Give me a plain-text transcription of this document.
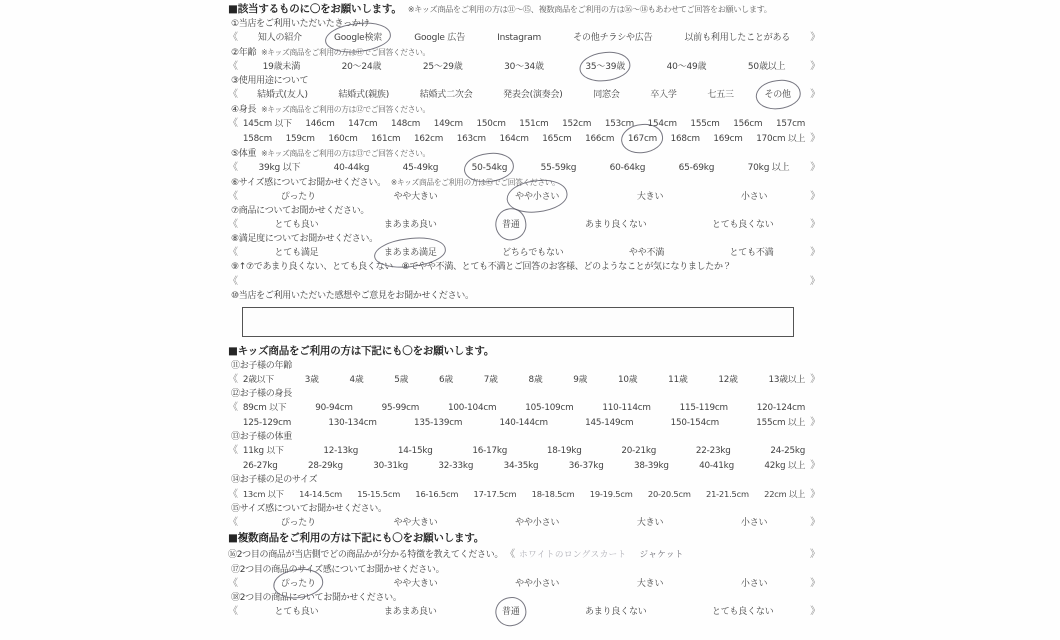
■該当するものに〇をお願いします。 ※キッズ商品をご利用の方は⑪～⑮、複数商品をご利用の方は⑯～⑱もあわせてご回答をお願いします。
①当店をご利用いただいたきっかけ
《 知人の紹介	Google検索	Google 広告	Instagram	その他チラシや広告	以前も利用したことがある 》
②年齢 ※キッズ商品をご利用の方は⑪でご回答ください。
《	19歳未満	20～24歳	25～29歳	30～34歳	35～39歳	40～49歳	50歳以上 》
③使用用途について
《 結婚式(友人)	結婚式(親族)	結婚式二次会	発表会(演奏会)	同窓会	卒入学	七五三	その他 》
④身長 ※キッズ商品をご利用の方は⑫でご回答ください。
《 145cm 以下 146cm 147cm 148cm 149cm 150cm 151cm 152cm 153cm 154cm 155cm 156cm 157cm
158cm 159cm 160cm 161cm 162cm 163cm 164cm 165cm 166cm 167cm 168cm 169cm 170cm 以上 》
⑤体重 ※キッズ商品をご利用の方は⑬でご回答ください。
《 39kg 以下	40-44kg	45-49kg	50-54kg	55-59kg	60-64kg	65-69kg	70kg 以上 》
⑥サイズ感についてお聞かせください。 ※キッズ商品をご利用の方は⑮でご回答ください。
《	ぴったり	やや大きい	やや小さい	大きい	小さい	》
⑦商品についてお聞かせください。
《	とても良い	まあまあ良い	普通	あまり良くない	とても良くない	》
⑧満足度についてお聞かせください。
《	とても満足	まあまあ満足	どちらでもない	やや不満	とても不満	》
⑨↑⑦であまり良くない、とても良くない　⑧でやや不満、とても不満とご回答のお客様、どのようなことが気になりましたか？
《	》
⑩当店をご利用いただいた感想やご意見をお聞かせください。
■キッズ商品をご利用の方は下記にも〇をお願いします。
⑪お子様の年齢
《 2歳以下	3歳	4歳	5歳	6歳	7歳	8歳	9歳	10歳	11歳	12歳	13歳以上 》
⑫お子様の身長
《 89cm 以下	90-94cm	95-99cm	100-104cm	105-109cm	110-114cm	115-119cm	120-124cm
125-129cm	130-134cm	135-139cm	140-144cm	145-149cm	150-154cm	155cm 以上 》
⑬お子様の体重
《 11kg 以下	12-13kg	14-15kg	16-17kg	18-19kg	20-21kg	22-23kg	24-25kg
26-27kg	28-29kg	30-31kg	32-33kg	34-35kg	36-37kg	38-39kg	40-41kg	42kg 以上 》
⑭お子様の足のサイズ
《 13cm 以下 14-14.5cm 15-15.5cm 16-16.5cm 17-17.5cm 18-18.5cm 19-19.5cm 20-20.5cm 21-21.5cm 22cm 以上 》
⑮サイズ感についてお聞かせください。
《	ぴったり	やや大きい	やや小さい	大きい	小さい	》
■複数商品をご利用の方は下記にも〇をお願いします。
⑯2つ目の商品が当店側でどの商品かが分かる特徴を教えてください。 《 ホワイトのロングスカート ジャケット	》
⑰2つ目の商品のサイズ感についてお聞かせください。
《	ぴったり	やや大きい	やや小さい	大きい	小さい	》
⑱2つ目の商品についてお聞かせください。
《	とても良い	まあまあ良い	普通	あまり良くない	とても良くない	》
